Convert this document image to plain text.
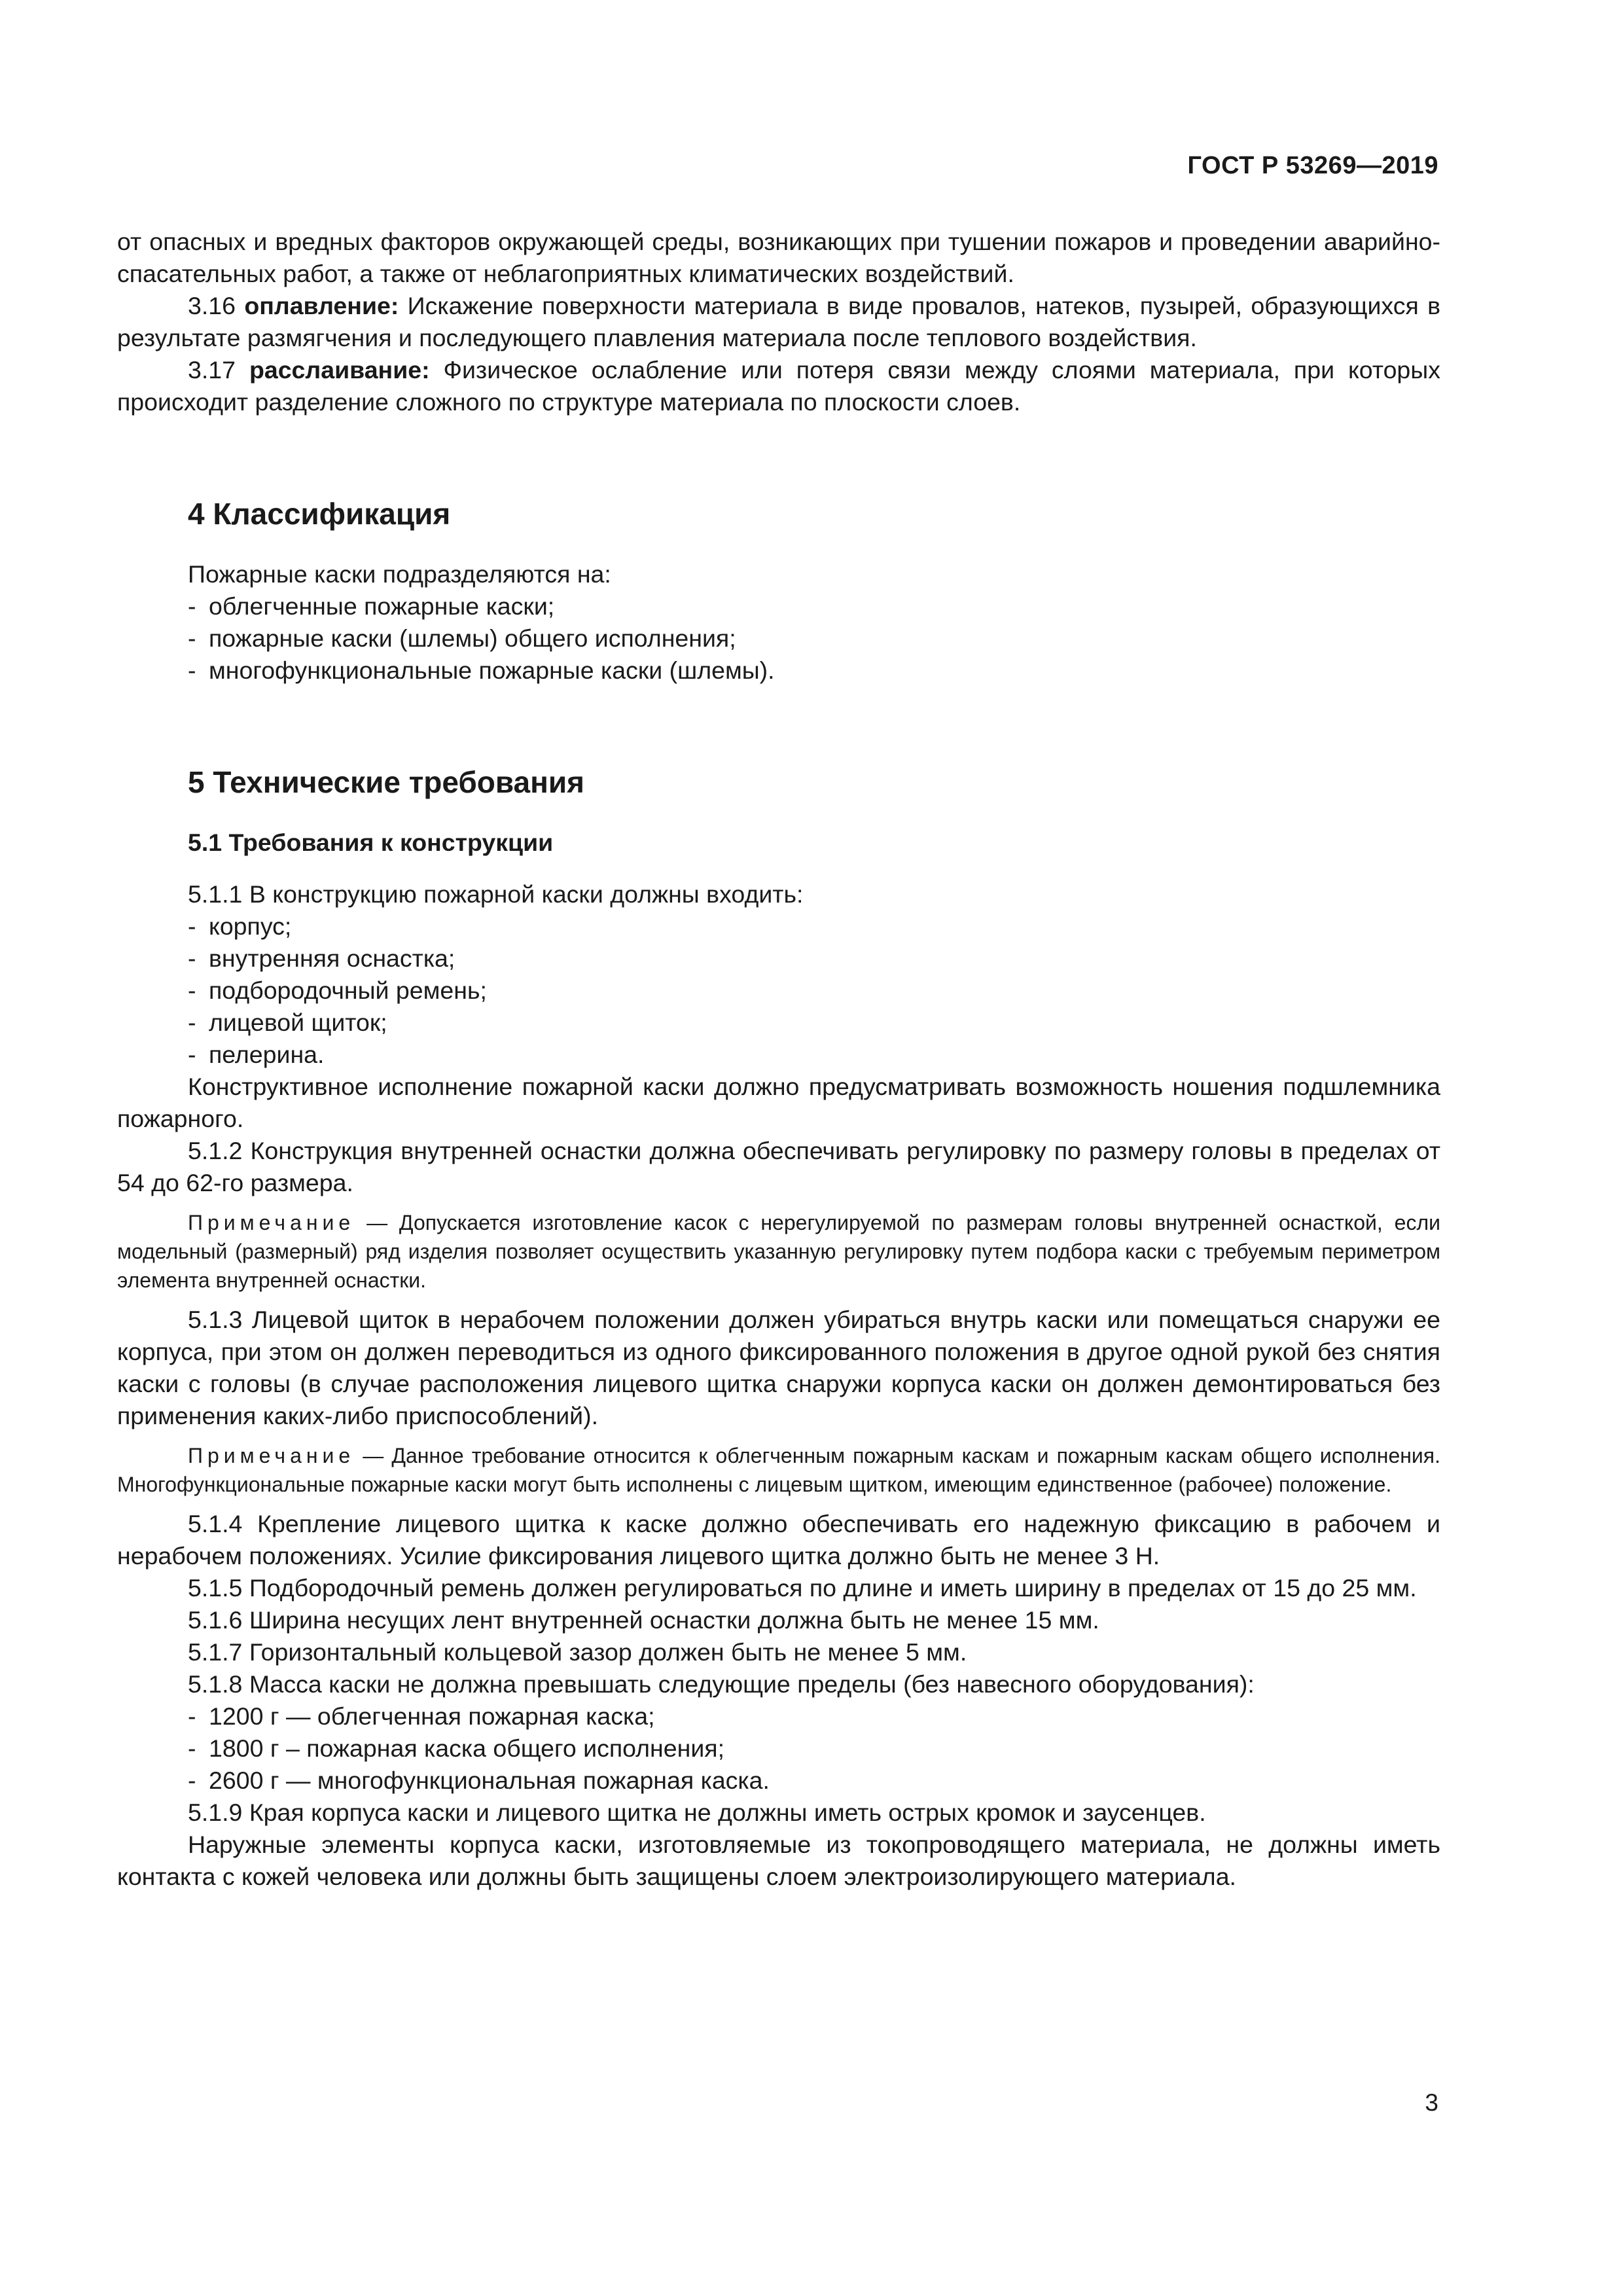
ГОСТ Р 53269—2019

от опасных и вредных факторов окружающей среды, возникающих при тушении пожаров и проведении аварийно-спасательных работ, а также от неблагоприятных климатических воздействий.

3.16 оплавление: Искажение поверхности материала в виде провалов, натеков, пузырей, образующихся в результате размягчения и последующего плавления материала после теплового воздействия.

3.17 расслаивание: Физическое ослабление или потеря связи между слоями материала, при которых происходит разделение сложного по структуре материала по плоскости слоев.

4 Классификация

Пожарные каски подразделяются на:

- облегченные пожарные каски;

- пожарные каски (шлемы) общего исполнения;

- многофункциональные пожарные каски (шлемы).

5 Технические требования
5.1 Требования к конструкции

5.1.1 В конструкцию пожарной каски должны входить:

- корпус;

- внутренняя оснастка;

- подбородочный ремень;

- лицевой щиток;

- пелерина.

Конструктивное исполнение пожарной каски должно предусматривать возможность ношения подшлемника пожарного.

5.1.2 Конструкция внутренней оснастки должна обеспечивать регулировку по размеру головы в пределах от 54 до 62-го размера.

Примечание — Допускается изготовление касок с нерегулируемой по размерам головы внутренней оснасткой, если модельный (размерный) ряд изделия позволяет осуществить указанную регулировку путем подбора каски с требуемым периметром элемента внутренней оснастки.

5.1.3 Лицевой щиток в нерабочем положении должен убираться внутрь каски или помещаться снаружи ее корпуса, при этом он должен переводиться из одного фиксированного положения в другое одной рукой без снятия каски с головы (в случае расположения лицевого щитка снаружи корпуса каски он должен демонтироваться без применения каких-либо приспособлений).

Примечание — Данное требование относится к облегченным пожарным каскам и пожарным каскам общего исполнения. Многофункциональные пожарные каски могут быть исполнены с лицевым щитком, имеющим единственное (рабочее) положение.

5.1.4 Крепление лицевого щитка к каске должно обеспечивать его надежную фиксацию в рабочем и нерабочем положениях. Усилие фиксирования лицевого щитка должно быть не менее 3 Н.

5.1.5 Подбородочный ремень должен регулироваться по длине и иметь ширину в пределах от 15 до 25 мм.

5.1.6 Ширина несущих лент внутренней оснастки должна быть не менее 15 мм.

5.1.7 Горизонтальный кольцевой зазор должен быть не менее 5 мм.

5.1.8 Масса каски не должна превышать следующие пределы (без навесного оборудования):

- 1200 г — облегченная пожарная каска;

- 1800 г – пожарная каска общего исполнения;

- 2600 г — многофункциональная пожарная каска.

5.1.9 Края корпуса каски и лицевого щитка не должны иметь острых кромок и заусенцев.

Наружные элементы корпуса каски, изготовляемые из токопроводящего материала, не должны иметь контакта с кожей человека или должны быть защищены слоем электроизолирующего материала.

3
